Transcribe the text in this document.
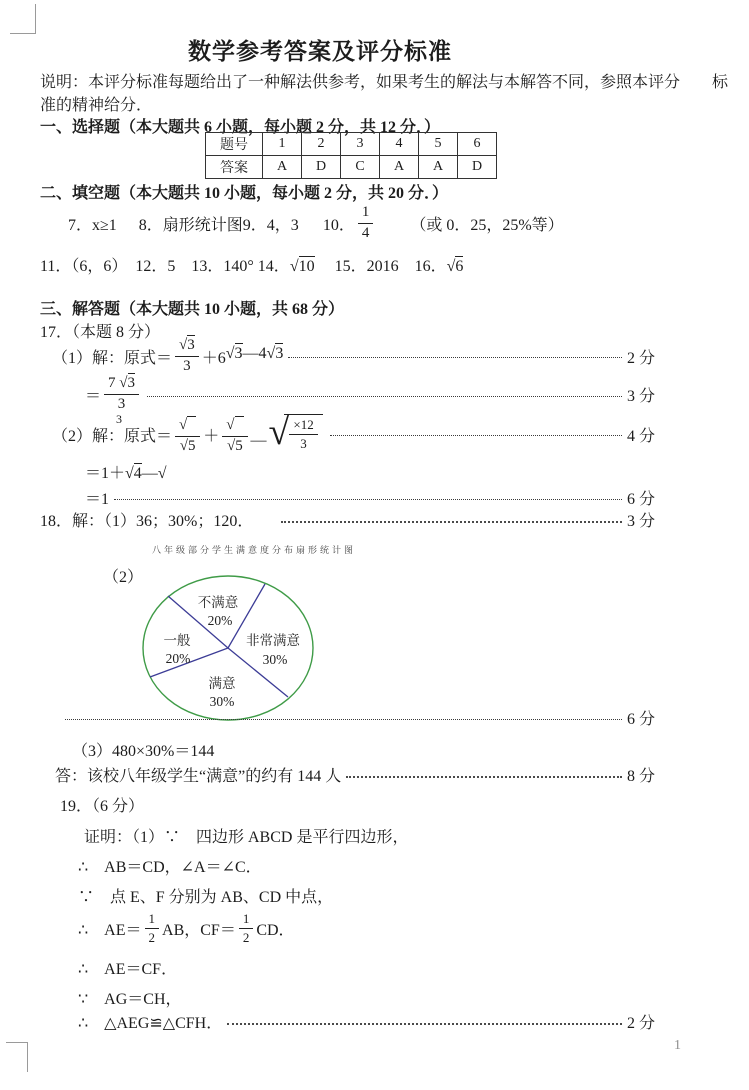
数学参考答案及评分标准
说明：本评分标准每题给出了一种解法供参考，如果考生的解法与本解答不同，参照本评分　　标
准的精神给分．
一、选择题（本大题共 6 小题，每小题 2 分，共 12 分．）
题号	1	2	3	4	5	6
答案	A	D	C	A	A	D
二、填空题（本大题共 10 小题，每小题 2 分，共 20 分．）
7．x≥1 8．扇形统计图9．4，3 10． $\frac{1}{4}$ （或 0．25，25%等）
11．（6，6）　12．5　13．140° 14．√10　 15．2016　16．√6
三、解答题（本大题共 10 小题，共 68 分）
17．（本题 8 分）
（1）解：原式＝ $\frac{√3}{3} +6$ √3 —4 √3	2 分
＝ $\frac{7 √3}{3}$	3 分
（2）解：
3
原式＝ $\frac{√}{√5} + \frac{√}{√5}$ — √ $\frac{\times 12}{3}$	4 分
＝1＋√4—√
＝1	6 分
18．解：（1）36；30%；120．	3 分
八年级部分学生满意度分布扇形统计图
（2）
不满意
20%
非常满意
30%
满意
30%
一般
20%
6 分
（3）480×30%＝144
答：该校八年级学生“满意”的约有 144 人	8 分
19．（6 分）
证明：（1）∵　四边形 ABCD 是平行四边形，
∴　AB＝CD，∠A＝∠C．
∵　点 E、F 分别为 AB、CD 中点，
∴　$AE= \frac{1}{2}$ AB，$CF= \frac{1}{2}$ CD．
∴　AE＝CF．
∵　AG＝CH，
∴　△AEG≌△CFH．	2 分
1
